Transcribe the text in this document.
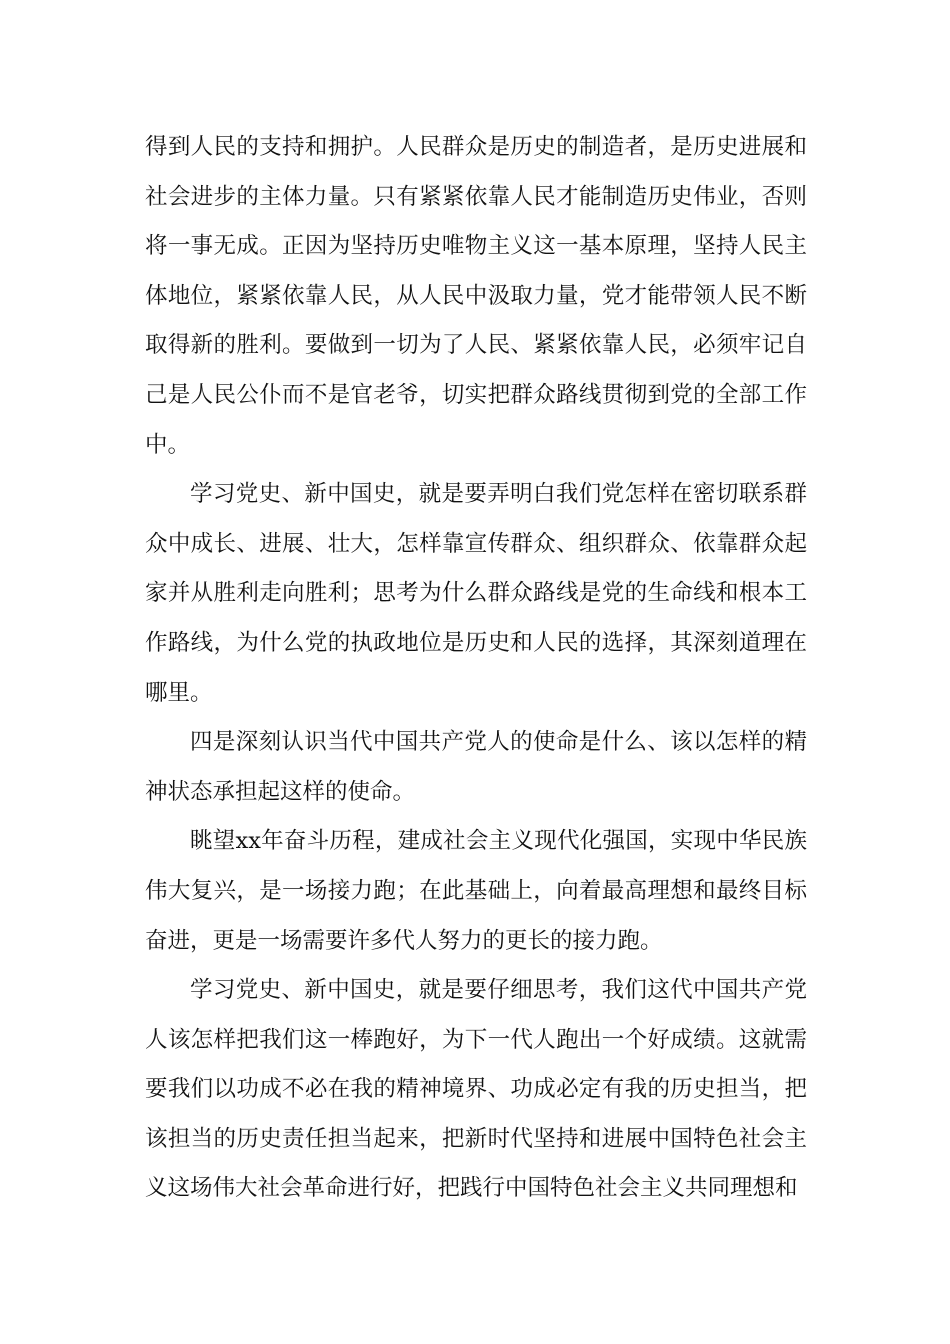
得到人民的支持和拥护。人民群众是历史的制造者，是历史进展和社会进步的主体力量。只有紧紧依靠人民才能制造历史伟业，否则将一事无成。正因为坚持历史唯物主义这一基本原理，坚持人民主体地位，紧紧依靠人民，从人民中汲取力量，党才能带领人民不断取得新的胜利。要做到一切为了人民、紧紧依靠人民，必须牢记自己是人民公仆而不是官老爷，切实把群众路线贯彻到党的全部工作中。

学习党史、新中国史，就是要弄明白我们党怎样在密切联系群众中成长、进展、壮大，怎样靠宣传群众、组织群众、依靠群众起家并从胜利走向胜利；思考为什么群众路线是党的生命线和根本工作路线，为什么党的执政地位是历史和人民的选择，其深刻道理在哪里。

四是深刻认识当代中国共产党人的使命是什么、该以怎样的精神状态承担起这样的使命。

眺望xx年奋斗历程，建成社会主义现代化强国，实现中华民族伟大复兴，是一场接力跑；在此基础上，向着最高理想和最终目标奋进，更是一场需要许多代人努力的更长的接力跑。

学习党史、新中国史，就是要仔细思考，我们这代中国共产党人该怎样把我们这一棒跑好，为下一代人跑出一个好成绩。这就需要我们以功成不必在我的精神境界、功成必定有我的历史担当，把该担当的历史责任担当起来，把新时代坚持和进展中国特色社会主义这场伟大社会革命进行好，把践行中国特色社会主义共同理想和
